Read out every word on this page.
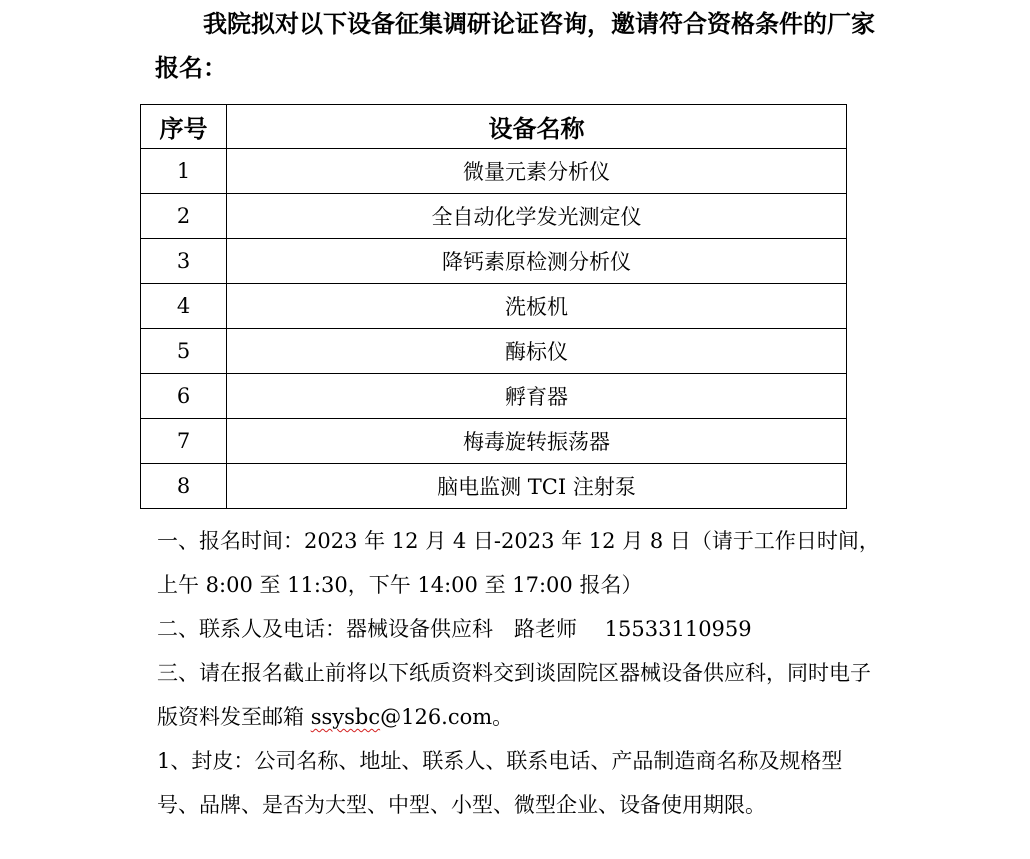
我院拟对以下设备征集调研论证咨询，邀请符合资格条件的厂家报名：

序号	设备名称
1	微量元素分析仪
2	全自动化学发光测定仪
3	降钙素原检测分析仪
4	洗板机
5	酶标仪
6	孵育器
7	梅毒旋转振荡器
8	脑电监测 TCI 注射泵

一、报名时间：2023 年 12 月 4 日-2023 年 12 月 8 日（请于工作日时间，上午 8:00 至 11:30，下午 14:00 至 17:00 报名）

二、联系人及电话：器械设备供应科　路老师　 15533110959

三、请在报名截止前将以下纸质资料交到谈固院区器械设备供应科，同时电子版资料发至邮箱 ssysbc@126.com。

1、封皮：公司名称、地址、联系人、联系电话、产品制造商名称及规格型号、品牌、是否为大型、中型、小型、微型企业、设备使用期限。
